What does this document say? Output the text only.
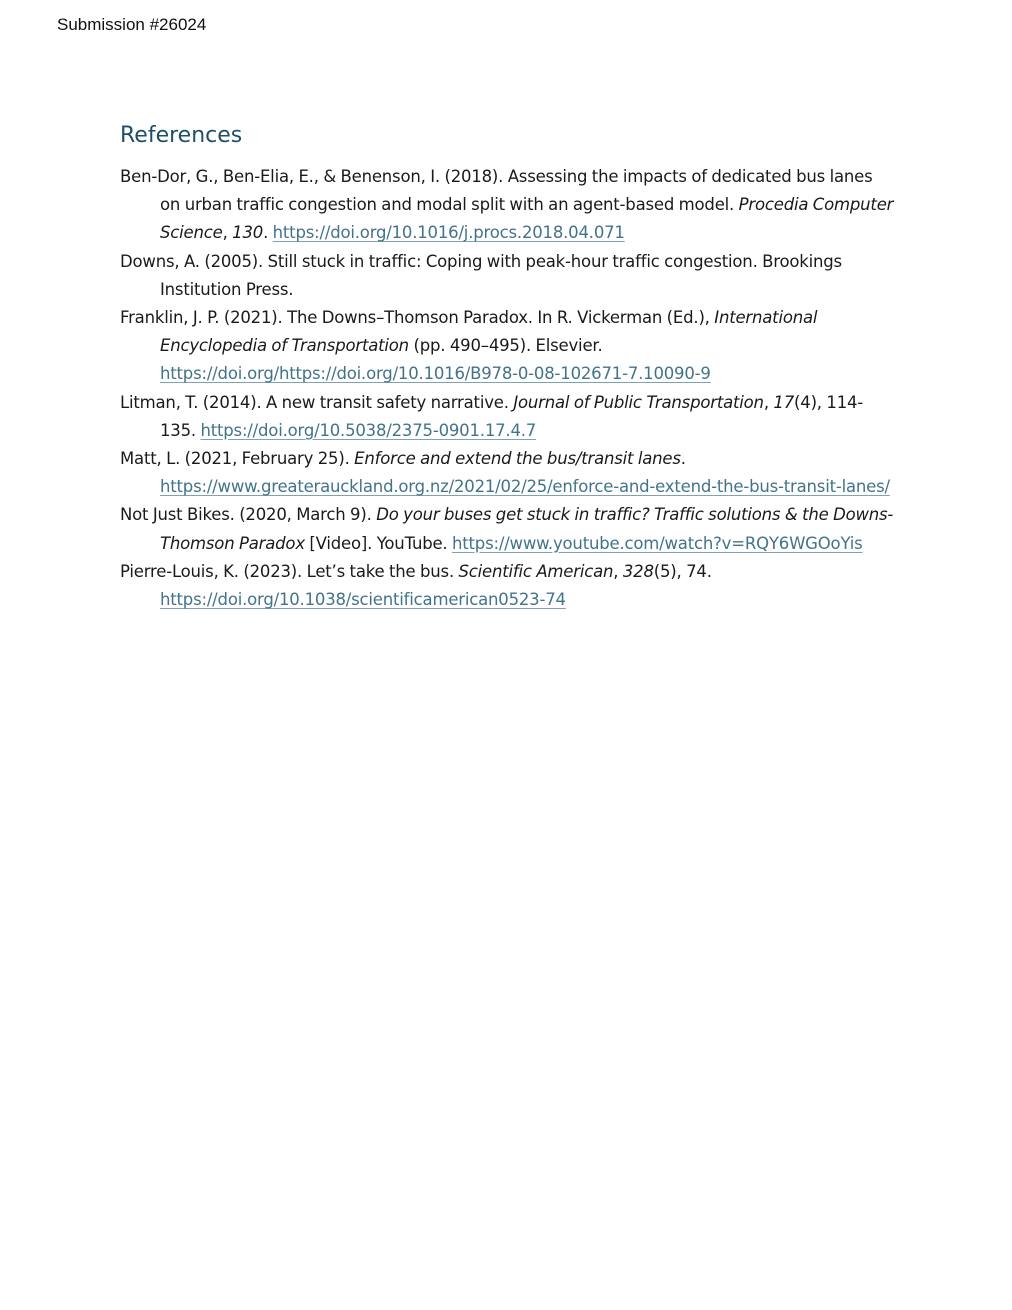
Submission #26024
References

Ben-Dor, G., Ben-Elia, E., & Benenson, I. (2018). Assessing the impacts of dedicated bus lanes on urban traffic congestion and modal split with an agent-based model. Procedia Computer Science, 130. https://doi.org/10.1016/j.procs.2018.04.071

Downs, A. (2005). Still stuck in traffic: Coping with peak-hour traffic congestion. Brookings Institution Press.

Franklin, J. P. (2021). The Downs–Thomson Paradox. In R. Vickerman (Ed.), International Encyclopedia of Transportation (pp. 490–495). Elsevier. https://doi.org/https://doi.org/10.1016/B978-0-08-102671-7.10090-9

Litman, T. (2014). A new transit safety narrative. Journal of Public Transportation, 17(4), 114-135. https://doi.org/10.5038/2375-0901.17.4.7

Matt, L. (2021, February 25). Enforce and extend the bus/transit lanes. https://www.greaterauckland.org.nz/2021/02/25/enforce-and-extend-the-bus-transit-lanes/

Not Just Bikes. (2020, March 9). Do your buses get stuck in traffic? Traffic solutions & the Downs-Thomson Paradox [Video]. YouTube. https://www.youtube.com/watch?v=RQY6WGOoYis

Pierre-Louis, K. (2023). Let’s take the bus. Scientific American, 328(5), 74. https://doi.org/10.1038/scientificamerican0523-74
